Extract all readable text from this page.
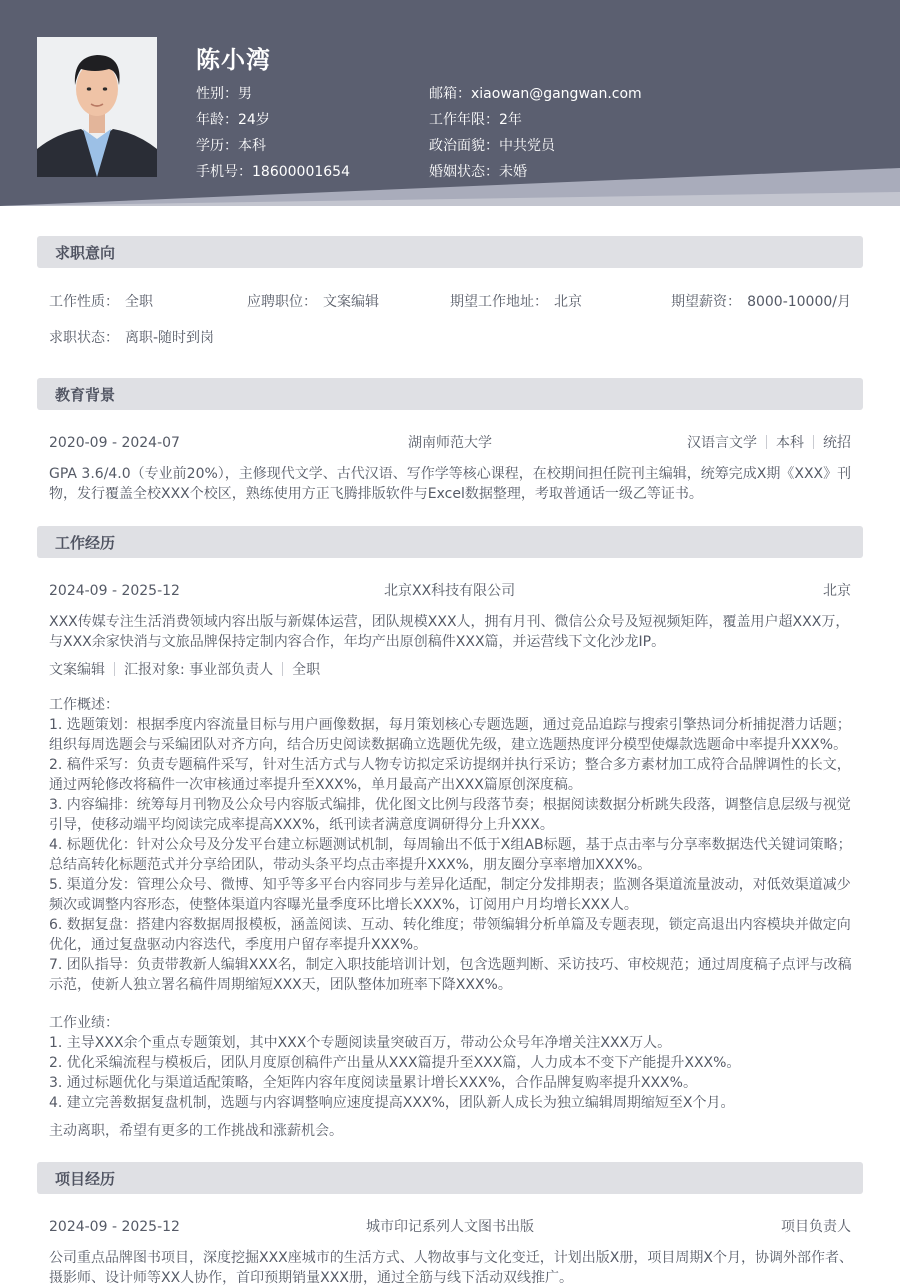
陈小湾
性别：男
年龄：24岁
学历：本科
手机号：18600001654
邮箱：xiaowan@gangwan.com
工作年限：2年
政治面貌：中共党员
婚姻状态：未婚
求职意向
工作性质： 全职	应聘职位： 文案编辑	期望工作地址： 北京	期望薪资： 8000-10000/月
求职状态： 离职-随时到岗
教育背景
2020-09 - 2024-07	湖南师范大学	汉语言文学 本科 统招
GPA 3.6/4.0（专业前20%），主修现代文学、古代汉语、写作学等核心课程，在校期间担任院刊主编辑，统筹完成X期《XXX》刊
物，发行覆盖全校XXX个校区，熟练使用方正飞腾排版软件与Excel数据整理，考取普通话一级乙等证书。
工作经历
2024-09 - 2025-12	北京XX科技有限公司	北京
XXX传媒专注生活消费领域内容出版与新媒体运营，团队规模XXX人，拥有月刊、微信公众号及短视频矩阵，覆盖用户超XXX万，
与XXX余家快消与文旅品牌保持定制内容合作，年均产出原创稿件XXX篇，并运营线下文化沙龙IP。
文案编辑 汇报对象: 事业部负责人 全职
工作概述：
1. 选题策划：根据季度内容流量目标与用户画像数据，每月策划核心专题选题，通过竞品追踪与搜索引擎热词分析捕捉潜力话题；
组织每周选题会与采编团队对齐方向，结合历史阅读数据确立选题优先级，建立选题热度评分模型使爆款选题命中率提升XXX%。
2. 稿件采写：负责专题稿件采写，针对生活方式与人物专访拟定采访提纲并执行采访；整合多方素材加工成符合品牌调性的长文，
通过两轮修改将稿件一次审核通过率提升至XXX%，单月最高产出XXX篇原创深度稿。
3. 内容编排：统筹每月刊物及公众号内容版式编排，优化图文比例与段落节奏；根据阅读数据分析跳失段落，调整信息层级与视觉
引导，使移动端平均阅读完成率提高XXX%，纸刊读者满意度调研得分上升XXX。
4. 标题优化：针对公众号及分发平台建立标题测试机制，每周输出不低于X组AB标题，基于点击率与分享率数据迭代关键词策略；
总结高转化标题范式并分享给团队，带动头条平均点击率提升XXX%，朋友圈分享率增加XXX%。
5. 渠道分发：管理公众号、微博、知乎等多平台内容同步与差异化适配，制定分发排期表；监测各渠道流量波动，对低效渠道减少
频次或调整内容形态，使整体渠道内容曝光量季度环比增长XXX%，订阅用户月均增长XXX人。
6. 数据复盘：搭建内容数据周报模板，涵盖阅读、互动、转化维度；带领编辑分析单篇及专题表现，锁定高退出内容模块并做定向
优化，通过复盘驱动内容迭代，季度用户留存率提升XXX%。
7. 团队指导：负责带教新人编辑XXX名，制定入职技能培训计划，包含选题判断、采访技巧、审校规范；通过周度稿子点评与改稿
示范，使新人独立署名稿件周期缩短XXX天，团队整体加班率下降XXX%。
工作业绩：
1. 主导XXX余个重点专题策划，其中XXX个专题阅读量突破百万，带动公众号年净增关注XXX万人。
2. 优化采编流程与模板后，团队月度原创稿件产出量从XXX篇提升至XXX篇，人力成本不变下产能提升XXX%。
3. 通过标题优化与渠道适配策略，全矩阵内容年度阅读量累计增长XXX%，合作品牌复购率提升XXX%。
4. 建立完善数据复盘机制，选题与内容调整响应速度提高XXX%，团队新人成长为独立编辑周期缩短至X个月。
主动离职，希望有更多的工作挑战和涨薪机会。
项目经历
2024-09 - 2025-12	城市印记系列人文图书出版	项目负责人
公司重点品牌图书项目，深度挖掘XXX座城市的生活方式、人物故事与文化变迁，计划出版X册，项目周期X个月，协调外部作者、
摄影师、设计师等XX人协作，首印预期销量XXX册，通过全筋与线下活动双线推广。
